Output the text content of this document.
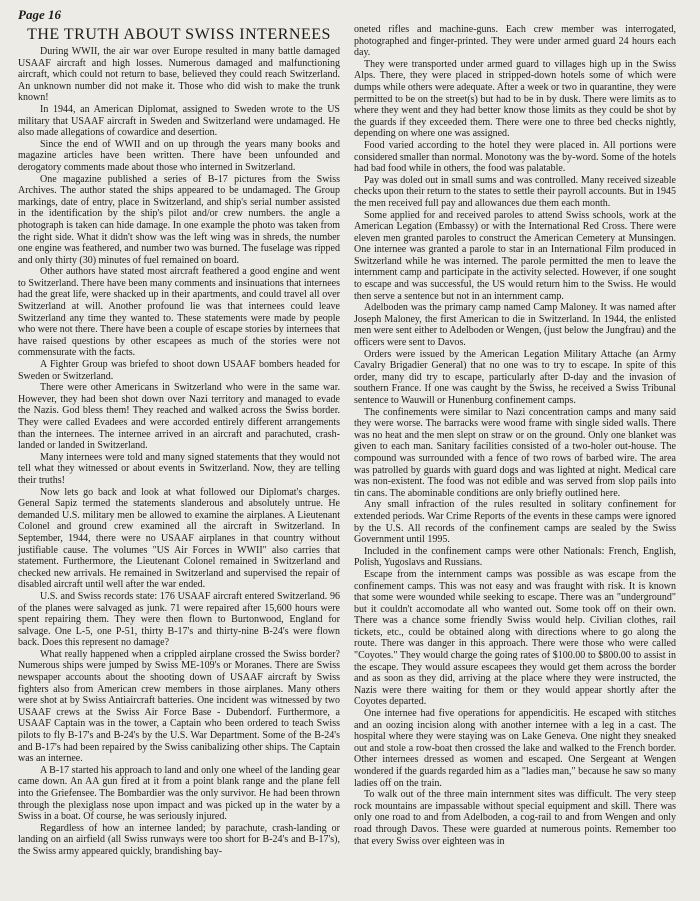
Page 16
THE TRUTH ABOUT SWISS INTERNEES

During WWII, the air war over Europe resulted in many battle damaged USAAF aircraft and high losses. Numerous damaged and malfunctioning aircraft, which could not return to base, believed they could reach Switzerland. An unknown number did not make it. Those who did wish to make the trunk known!

In 1944, an American Diplomat, assigned to Sweden wrote to the US military that USAAF aircraft in Sweden and Switzerland were undamaged. He also made allegations of cowardice and desertion.

Since the end of WWII and on up through the years many books and magazine articles have been written. There have been unfounded and derogatory comments made about those who interned in Switzerland.

One magazine published a series of B-17 pictures from the Swiss Archives. The author stated the ships appeared to be undamaged. The Group markings, date of entry, place in Switzerland, and ship's serial number assisted in the identification by the ship's pilot and/or crew numbers. the angle a photograph is taken can hide damage. In one example the photo was taken from the right side. What it didn't show was the left wing was in shreds, the number one engine was feathered, and number two was burned. The fuselage was ripped and only thirty (30) minutes of fuel remained on board.

Other authors have stated most aircraft feathered a good engine and went to Switzerland. There have been many comments and insinuations that internees had the great life, were shacked up in their apartments, and could travel all over Switzerland at will. Another profound lie was that internees could leave Switzerland any time they wanted to. These statements were made by people who were not there. There have been a couple of escape stories by internees that have raised questions by other escapees as much of the stories were not commensurate with the facts.

A Fighter Group was briefed to shoot down USAAF bombers headed for Sweden or Switzerland.

There were other Americans in Switzerland who were in the same war. However, they had been shot down over Nazi territory and managed to evade the Nazis. God bless them! They reached and walked across the Swiss border. They were called Evadees and were accorded entirely different arrangements than the internees. The internee arrived in an aircraft and parachuted, crash-landed or landed in Switzerland.

Many internees were told and many signed statements that they would not tell what they witnessed or about events in Switzerland. Now, they are telling their truths!

Now lets go back and look at what followed our Diplomat's charges. General Sapiz termed the statements slanderous and absolutely untrue. He demanded U.S. military men be allowed to examine the airplanes. A Lieutenant Colonel and ground crew examined all the aircraft in Switzerland. In September, 1944, there were no USAAF airplanes in that country without justifiable cause. The volumes "US Air Forces in WWII" also carries that statement. Furthermore, the Lieutenant Colonel remained in Switzerland and checked new arrivals. He remained in Switzerland and supervised the repair of disabled aircraft until well after the war ended.

U.S. and Swiss records state: 176 USAAF aircraft entered Switzerland. 96 of the planes were salvaged as junk. 71 were repaired after 15,600 hours were spent repairing them. They were then flown to Burtonwood, England for salvage. One L-5, one P-51, thirty B-17's and thirty-nine B-24's were flown back. Does this represent no damage?

What really happened when a crippled airplane crossed the Swiss border? Numerous ships were jumped by Swiss ME-109's or Moranes. There are Swiss newspaper accounts about the shooting down of USAAF aircraft by Swiss fighters also from American crew members in those airplanes. Many others were shot at by Swiss Antiaircraft batteries. One incident was witnessed by two USAAF crews at the Swiss Air Force Base - Dubendorf. Furthermore, a USAAF Captain was in the tower, a Captain who been ordered to teach Swiss pilots to fly B-17's and B-24's by the U.S. War Department. Some of the B-24's and B-17's had been repaired by the Swiss canibalizing other ships. The Captain was an internee.

A B-17 started his approach to land and only one wheel of the landing gear came down. An AA gun fired at it from a point blank range and the plane fell into the Griefensee. The Bombardier was the only survivor. He had been thrown through the plexiglass nose upon impact and was picked up in the water by a Swiss in a boat. Of course, he was seriously injured.

Regardless of how an internee landed; by parachute, crash-landing or landing on an airfield (all Swiss runways were too short for B-24's and B-17's), the Swiss army appeared quickly, brandishing bay-

oneted rifles and machine-guns. Each crew member was interrogated, photographed and finger-printed. They were under armed guard 24 hours each day.

They were transported under armed guard to villages high up in the Swiss Alps. There, they were placed in stripped-down hotels some of which were dumps while others were adequate. After a week or two in quarantine, they were permitted to be on the street(s) but had to be in by dusk. There were limits as to where they went and they had better know those limits as they could be shot by the guards if they exceeded them. There were one to three bed checks nightly, depending on where one was assigned.

Food varied according to the hotel they were placed in. All portions were considered smaller than normal. Monotony was the by-word. Some of the hotels had bad food while in others, the food was palatable.

Pay was doled out in small sums and was controlled. Many received sizeable checks upon their return to the states to settle their payroll accounts. But in 1945 the men received full pay and allowances due them each month.

Some applied for and received paroles to attend Swiss schools, work at the American Legation (Embassy) or with the International Red Cross. There were eleven men granted paroles to construct the American Cemetery at Munsingen. One internee was granted a parole to star in an International Film produced in Switzerland while he was interned. The parole permitted the men to leave the internment camp and participate in the activity selected. However, if one sought to escape and was successful, the US would return him to the Swiss. He would then serve a sentence but not in an internment camp.

Adelboden was the primary camp named Camp Maloney. It was named after Joseph Maloney, the first American to die in Switzerland. In 1944, the enlisted men were sent either to Adelboden or Wengen, (just below the Jungfrau) and the officers were sent to Davos.

Orders were issued by the American Legation Military Attache (an Army Cavalry Brigadier General) that no one was to try to escape. In spite of this order, many did try to escape, particularly after D-day and the invasion of southern France. If one was caught by the Swiss, he received a Swiss Tribunal sentence to Wauwill or Hunenburg confinement camps.

The confinements were similar to Nazi concentration camps and many said they were worse. The barracks were wood frame with single sided walls. There was no heat and the men slept on straw or on the ground. Only one blanket was given to each man. Sanitary facilities consisted of a two-holer out-house. The compound was surrounded with a fence of two rows of barbed wire. The area was patrolled by guards with guard dogs and was lighted at night. Medical care was non-existent. The food was not edible and was served from slop pails into tin cans. The abominable conditions are only briefly outlined here.

Any small infraction of the rules resulted in solitary confinement for extended periods. War Crime Reports of the events in these camps were ignored by the U.S. All records of the confinement camps are sealed by the Swiss Government until 1995.

Included in the confinement camps were other Nationals: French, English, Polish, Yugoslavs and Russians.

Escape from the internment camps was possible as was escape from the confinement camps. This was not easy and was fraught with risk. It is known that some were wounded while seeking to escape. There was an "underground" but it couldn't accomodate all who wanted out. Some took off on their own. There was a chance some friendly Swiss would help. Civilian clothes, rail tickets, etc., could be obtained along with directions where to go along the route. There was danger in this approach. There were those who were called "Coyotes." They would charge the going rates of $100.00 to $800.00 to assist in the escape. They would assure escapees they would get them across the border and as soon as they did, arriving at the place where they were instructed, the Nazis were there waiting for them or they would appear shortly after the Coyotes departed.

One internee had five operations for appendicitis. He escaped with stitches and an oozing incision along with another internee with a leg in a cast. The hospital where they were staying was on Lake Geneva. One night they sneaked out and stole a row-boat then crossed the lake and walked to the French border. Other internees dressed as women and escaped. One Sergeant at Wengen wondered if the guards regarded him as a "ladies man," because he saw so many ladies off on the train.

To walk out of the three main internment sites was difficult. The very steep rock mountains are impassable without special equipment and skill. There was only one road to and from Adelboden, a cog-rail to and from Wengen and only road through Davos. These were guarded at numerous points. Remember too that every Swiss over eighteen was in
